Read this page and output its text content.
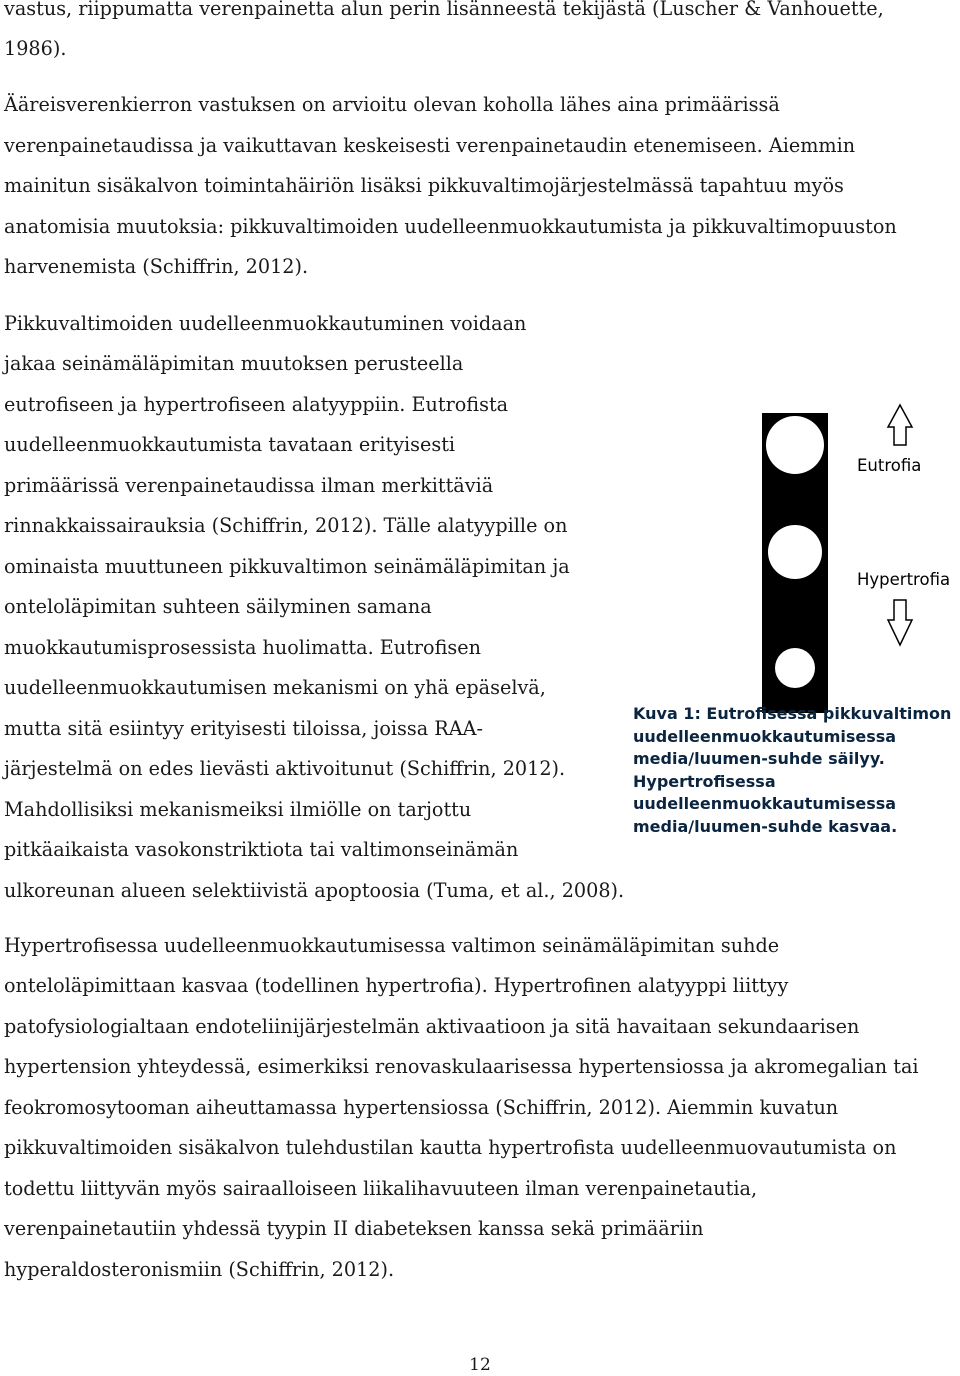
vastus, riippumatta verenpainetta alun perin lisänneestä tekijästä (Luscher & Vanhouette,

1986).

Ääreisverenkierron vastuksen on arvioitu olevan koholla lähes aina primäärissä

verenpainetaudissa ja vaikuttavan keskeisesti verenpainetaudin etenemiseen. Aiemmin

mainitun sisäkalvon toimintahäiriön lisäksi pikkuvaltimojärjestelmässä tapahtuu myös

anatomisia muutoksia: pikkuvaltimoiden uudelleenmuokkautumista ja pikkuvaltimopuuston

harvenemista (Schiffrin, 2012).

Pikkuvaltimoiden uudelleenmuokkautuminen voidaan

jakaa seinämäläpimitan muutoksen perusteella

eutrofiseen ja hypertrofiseen alatyyppiin. Eutrofista

uudelleenmuokkautumista tavataan erityisesti

primäärissä verenpainetaudissa ilman merkittäviä

rinnakkaissairauksia (Schiffrin, 2012). Tälle alatyypille on

ominaista muuttuneen pikkuvaltimon seinämäläpimitan ja

onteloläpimitan suhteen säilyminen samana

muokkautumisprosessista huolimatta. Eutrofisen

uudelleenmuokkautumisen mekanismi on yhä epäselvä,

mutta sitä esiintyy erityisesti tiloissa, joissa RAA-

järjestelmä on edes lievästi aktivoitunut (Schiffrin, 2012).

Mahdollisiksi mekanismeiksi ilmiölle on tarjottu

pitkäaikaista vasokonstriktiota tai valtimonseinämän

ulkoreunan alueen selektiivistä apoptoosia (Tuma, et al., 2008).

Hypertrofisessa uudelleenmuokkautumisessa valtimon seinämäläpimitan suhde

onteloläpimittaan kasvaa (todellinen hypertrofia). Hypertrofinen alatyyppi liittyy

patofysiologialtaan endoteliinijärjestelmän aktivaatioon ja sitä havaitaan sekundaarisen

hypertension yhteydessä, esimerkiksi renovaskulaarisessa hypertensiossa ja akromegalian tai

feokromosytooman aiheuttamassa hypertensiossa (Schiffrin, 2012). Aiemmin kuvatun

pikkuvaltimoiden sisäkalvon tulehdustilan kautta hypertrofista uudelleenmuovautumista on

todettu liittyvän myös sairaalloiseen liikalihavuuteen ilman verenpainetautia,

verenpainetautiin yhdessä tyypin II diabeteksen kanssa sekä primääriin

hyperaldosteronismiin (Schiffrin, 2012).

Eutrofia
Hypertrofia
Kuva 1: Eutrofisessa pikkuvaltimon
uudelleenmuokkautumisessa
media/luumen-suhde säilyy.
Hypertrofisessa
uudelleenmuokkautumisessa
media/luumen-suhde kasvaa.
12
